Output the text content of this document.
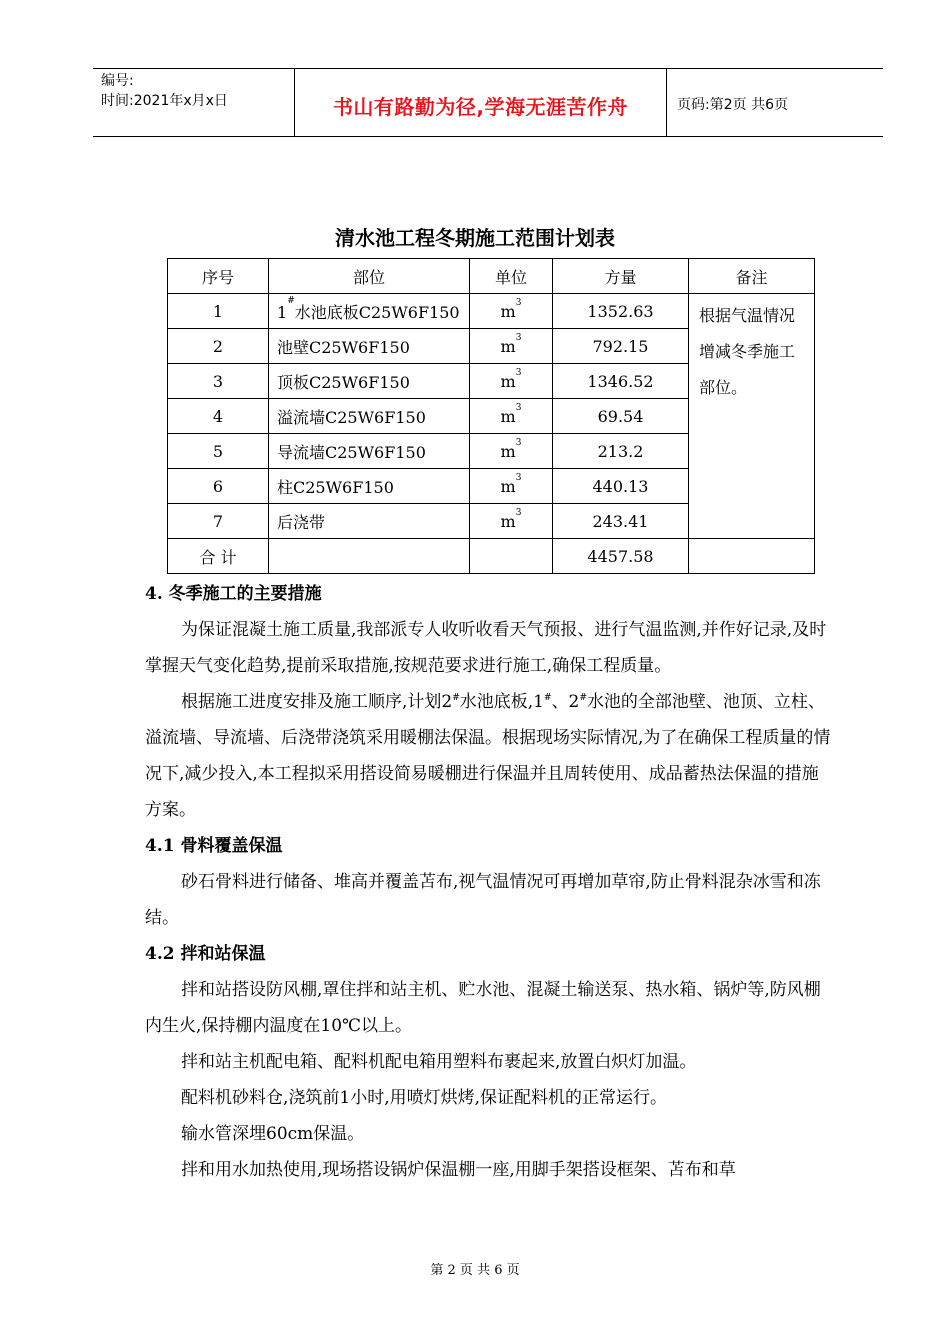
编号:
时间:2021年x月x日	书山有路勤为径,学海无涯苦作舟	页码:第2页 共6页
清水池工程冬期施工范围计划表
序号	部位	单位	方量	备注
1	1#水池底板C25W6F150	$m^3$	1352.63	根据气温情况增减冬季施工部位。
2	池壁C25W6F150	$m^3$	792.15	
3	顶板C25W6F150	$m^3$	1346.52	
4	溢流墙C25W6F150	$m^3$	69.54	
5	导流墙C25W6F150	$m^3$	213.2	
6	柱C25W6F150	$m^3$	440.13	
7	后浇带	$m^3$	243.41	
合 计			4457.58	

4. 冬季施工的主要措施

为保证混凝土施工质量,我部派专人收听收看天气预报、进行气温监测,并作好记录,及时掌握天气变化趋势,提前采取措施,按规范要求进行施工,确保工程质量。

根据施工进度安排及施工顺序,计划2#水池底板,1#、2#水池的全部池壁、池顶、立柱、溢流墙、导流墙、后浇带浇筑采用暖棚法保温。根据现场实际情况,为了在确保工程质量的情况下,减少投入,本工程拟采用搭设简易暖棚进行保温并且周转使用、成品蓄热法保温的措施方案。

4.1 骨料覆盖保温

砂石骨料进行储备、堆高并覆盖苫布,视气温情况可再增加草帘,防止骨料混杂冰雪和冻结。

4.2 拌和站保温

拌和站搭设防风棚,罩住拌和站主机、贮水池、混凝土输送泵、热水箱、锅炉等,防风棚内生火,保持棚内温度在10℃以上。

拌和站主机配电箱、配料机配电箱用塑料布裹起来,放置白炽灯加温。

配料机砂料仓,浇筑前1小时,用喷灯烘烤,保证配料机的正常运行。

输水管深埋60cm保温。

拌和用水加热使用,现场搭设锅炉保温棚一座,用脚手架搭设框架、苫布和草

第 2 页 共 6 页
